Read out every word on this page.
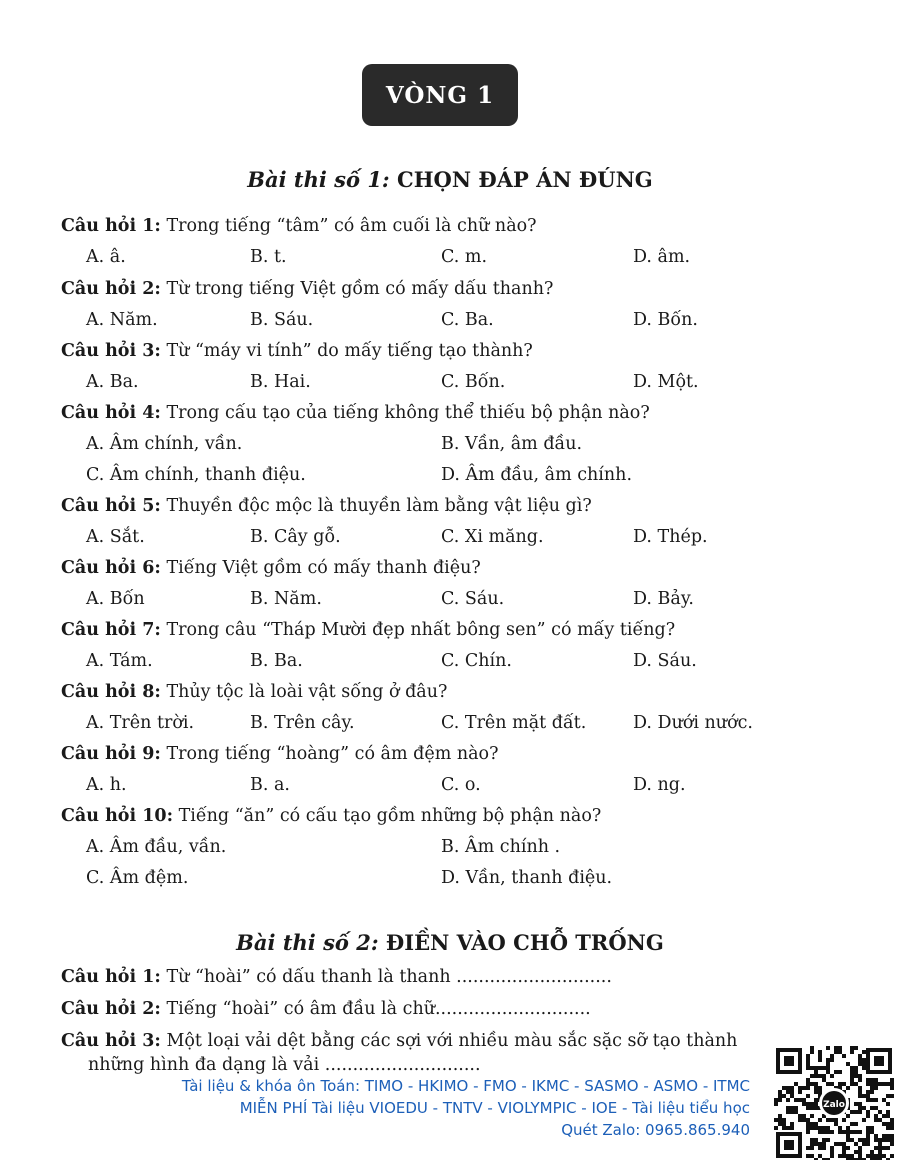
VÒNG 1
Bài thi số 1: CHỌN ĐÁP ÁN ĐÚNG
Câu hỏi 1: Trong tiếng “tâm” có âm cuối là chữ nào?
A. â.	B. t.	C. m.	D. âm.
Câu hỏi 2: Từ trong tiếng Việt gồm có mấy dấu thanh?
A. Năm.	B. Sáu.	C. Ba.	D. Bốn.
Câu hỏi 3: Từ “máy vi tính” do mấy tiếng tạo thành?
A. Ba.	B. Hai.	C. Bốn.	D. Một.
Câu hỏi 4: Trong cấu tạo của tiếng không thể thiếu bộ phận nào?
A. Âm chính, vần.	B. Vần, âm đầu.
C. Âm chính, thanh điệu.	D. Âm đầu, âm chính.
Câu hỏi 5: Thuyền độc mộc là thuyền làm bằng vật liệu gì?
A. Sắt.	B. Cây gỗ.	C. Xi măng.	D. Thép.
Câu hỏi 6: Tiếng Việt gồm có mấy thanh điệu?
A. Bốn	B. Năm.	C. Sáu.	D. Bảy.
Câu hỏi 7: Trong câu “Tháp Mười đẹp nhất bông sen” có mấy tiếng?
A. Tám.	B. Ba.	C. Chín.	D. Sáu.
Câu hỏi 8: Thủy tộc là loài vật sống ở đâu?
A. Trên trời.	B. Trên cây.	C. Trên mặt đất.	D. Dưới nước.
Câu hỏi 9: Trong tiếng “hoàng” có âm đệm nào?
A. h.	B. a.	C. o.	D. ng.
Câu hỏi 10: Tiếng “ăn” có cấu tạo gồm những bộ phận nào?
A. Âm đầu, vần.	B. Âm chính .
C. Âm đệm.	D. Vần, thanh điệu.
Bài thi số 2: ĐIỀN VÀO CHỖ TRỐNG
Câu hỏi 1: Từ “hoài” có dấu thanh là thanh ............................
Câu hỏi 2: Tiếng “hoài” có âm đầu là chữ............................
Câu hỏi 3: Một loại vải dệt bằng các sợi với nhiều màu sắc sặc sỡ tạo thành
những hình đa dạng là vải ............................
Tài liệu & khóa ôn Toán: TIMO - HKIMO - FMO - IKMC - SASMO - ASMO - ITMC
MIỄN PHÍ Tài liệu VIOEDU - TNTV - VIOLYMPIC - IOE - Tài liệu tiểu học
Quét Zalo: 0965.865.940
Zalo
